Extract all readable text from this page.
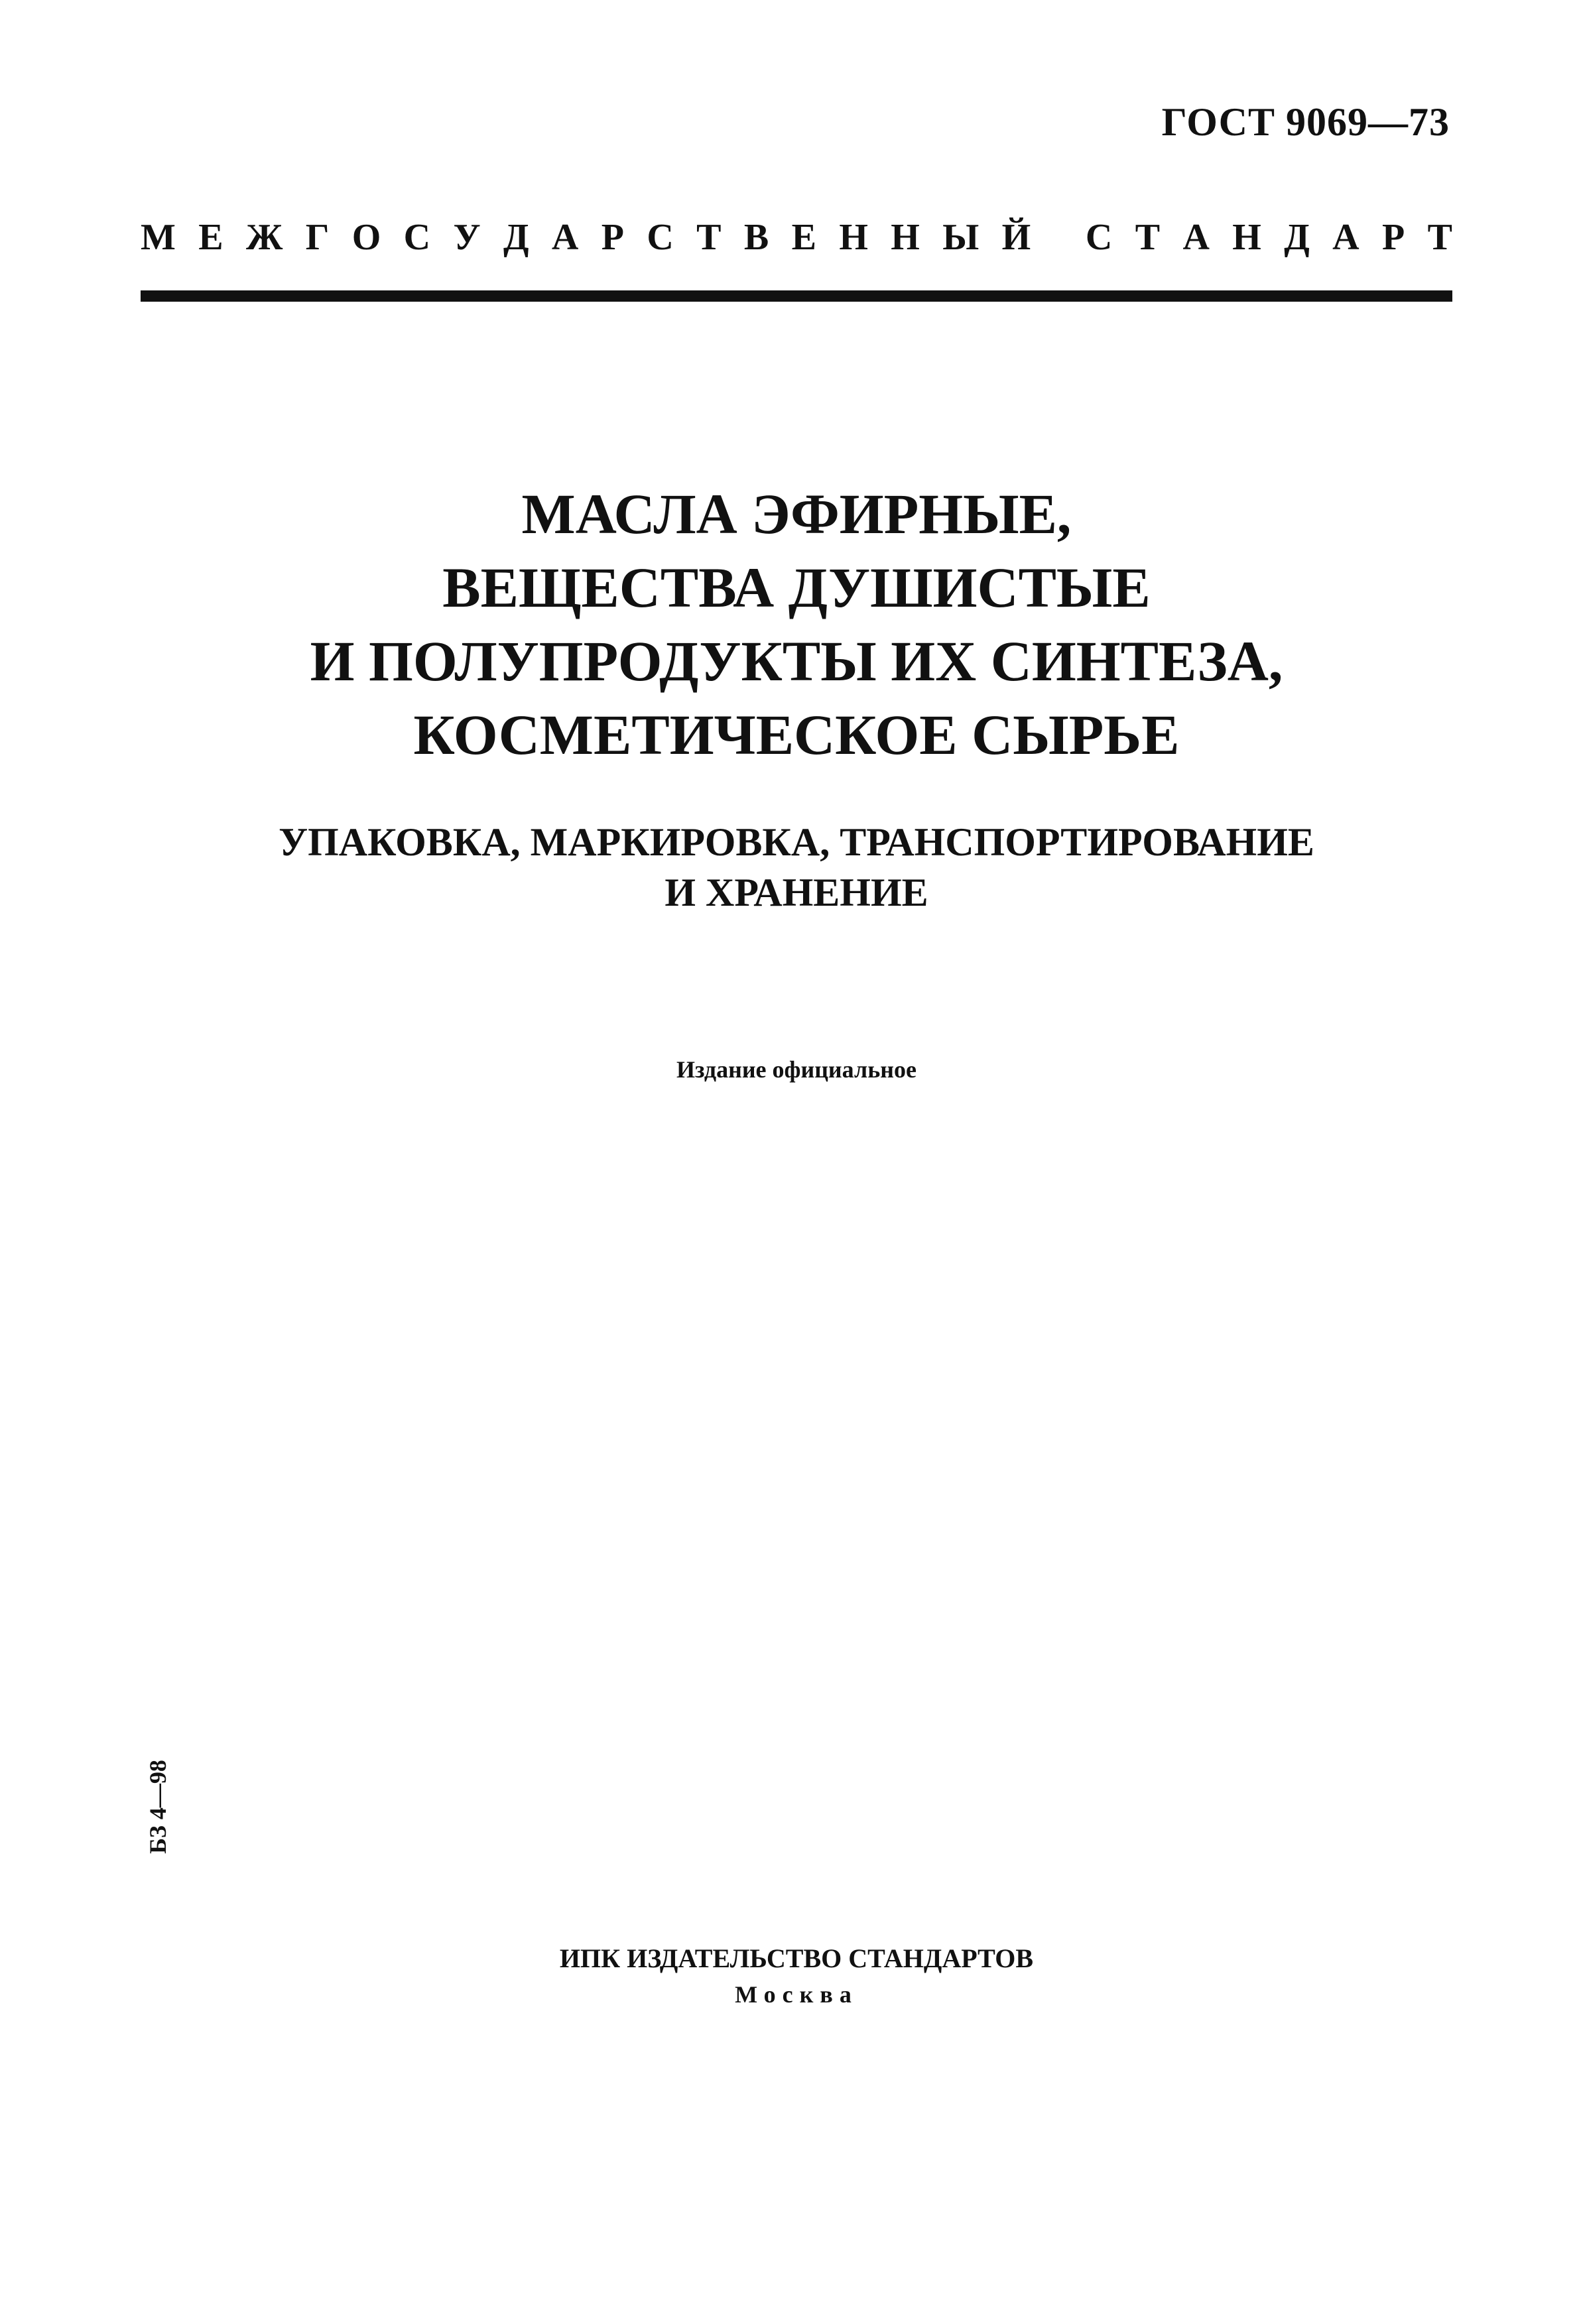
ГОСТ 9069—73
М Е Ж Г О С У Д А Р С Т В Е Н Н Ы Й
С Т А Н Д А Р Т
МАСЛА ЭФИРНЫЕ,
ВЕЩЕСТВА ДУШИСТЫЕ
И ПОЛУПРОДУКТЫ ИХ СИНТЕЗА,
КОСМЕТИЧЕСКОЕ СЫРЬЕ
УПАКОВКА, МАРКИРОВКА, ТРАНСПОРТИРОВАНИЕ
И ХРАНЕНИЕ
Издание официальное
БЗ 4—98
ИПК ИЗДАТЕЛЬСТВО СТАНДАРТОВ
Москва
